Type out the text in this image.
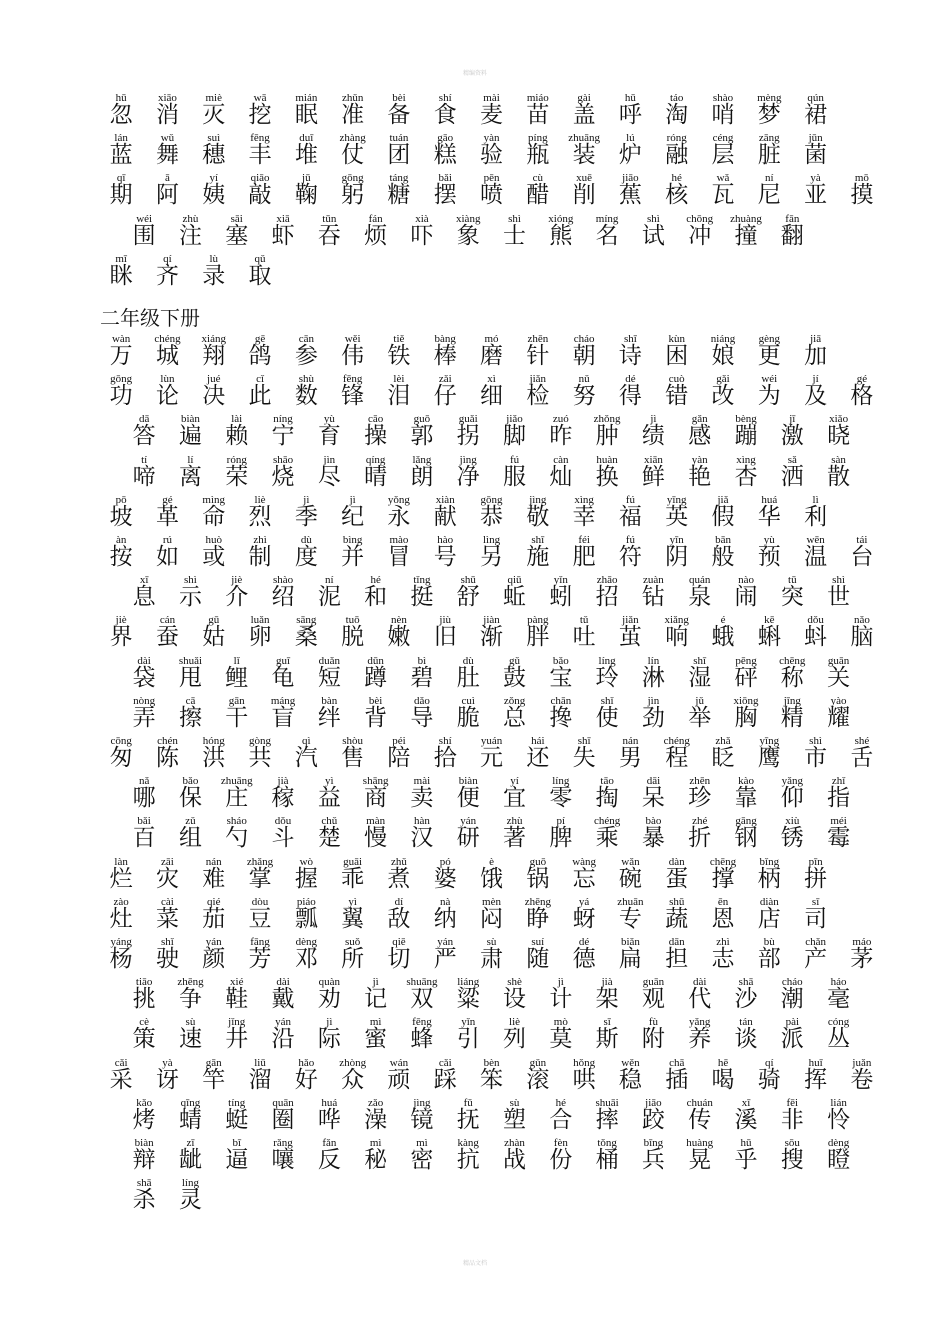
精编资料
hū
忽
xiāo
消
miè
灭
wā
挖
mián
眠
zhǔn
准
bèi
备
shí
食
mài
麦
miáo
苗
gài
盖
hū
呼
táo
淘
shào
哨
mèng
梦
qún
裙
lán
蓝
wǔ
舞
suì
穗
fēng
丰
duī
堆
zhàng
仗
tuán
团
gāo
糕
yàn
验
píng
瓶
zhuāng
装
lú
炉
róng
融
céng
层
zāng
脏
jūn
菌
qī
期
ā
阿
yí
姨
qiāo
敲
jū
鞠
gōng
躬
táng
糖
bǎi
摆
pēn
喷
cù
醋
xuē
削
jiāo
蕉
hé
核
wǎ
瓦
ní
尼
yà
亚
mō
摸
wéi
围
zhù
注
sāi
塞
xiā
虾
tūn
吞
fán
烦
xià
吓
xiàng
象
shì
士
xióng
熊
míng
名
shì
试
chōng
冲
zhuàng
撞
fān
翻
mī
眯
qí
齐
lù
录
qǔ
取
二年级下册
wàn
万
chéng
城
xiáng
翔
gē
鸽
cān
参
wěi
伟
tiě
铁
bàng
棒
mó
磨
zhēn
针
cháo
朝
shī
诗
kùn
困
niáng
娘
gèng
更
jiā
加
gōng
功
lùn
论
jué
决
cǐ
此
shù
数
fēng
锋
lèi
泪
zǎi
仔
xì
细
jiǎn
检
nǔ
努
dé
得
cuò
错
gǎi
改
wéi
为
jí
及
gé
格
dā
答
biàn
遍
lài
赖
níng
宁
yù
育
cāo
操
guō
郭
guǎi
拐
jiǎo
脚
zuó
昨
zhǒng
肿
jì
绩
gǎn
感
bèng
蹦
jī
激
xiǎo
晓
tí
啼
lí
离
róng
荣
shāo
烧
jìn
尽
qíng
晴
lǎng
朗
jìng
净
fú
服
càn
灿
huàn
换
xiān
鲜
yàn
艳
xìng
杏
sǎ
洒
sàn
散
pō
坡
gé
革
mìng
命
liè
烈
jì
季
jì
纪
yǒng
永
xiàn
献
gōng
恭
jìng
敬
xìng
幸
fú
福
yīng
英
jiǎ
假
huá
华
lì
利
àn
按
rú
如
huò
或
zhì
制
dù
度
bìng
并
mào
冒
hào
号
lìng
另
shī
施
féi
肥
fú
符
yīn
阴
bān
般
yù
预
wēn
温
tái
台
xī
息
shì
示
jiè
介
shào
绍
ní
泥
hé
和
tǐng
挺
shū
舒
qiū
蚯
yǐn
蚓
zhāo
招
zuàn
钻
quán
泉
nào
闹
tū
突
shì
世
jiè
界
cán
蚕
gū
姑
luǎn
卵
sāng
桑
tuō
脱
nèn
嫩
jiù
旧
jiàn
渐
pàng
胖
tǔ
吐
jiǎn
茧
xiǎng
响
é
蛾
kē
蝌
dǒu
蚪
nǎo
脑
dài
袋
shuǎi
甩
lǐ
鲤
guī
龟
duǎn
短
dūn
蹲
bì
碧
dù
肚
gǔ
鼓
bǎo
宝
líng
玲
lín
淋
shī
湿
pēng
砰
chēng
称
guān
关
nòng
弄
cā
擦
gān
干
máng
盲
bàn
绊
bèi
背
dǎo
导
cuì
脆
zǒng
总
chān
搀
shǐ
使
jìn
劲
jǔ
举
xiōng
胸
jīng
精
yào
耀
cōng
匆
chén
陈
hóng
洪
gòng
共
qì
汽
shòu
售
péi
陪
shí
拾
yuán
元
hái
还
shī
失
nán
男
chéng
程
zhǎ
眨
yīng
鹰
shì
市
shé
舌
nǎ
哪
bǎo
保
zhuāng
庄
jià
稼
yì
益
shāng
商
mài
卖
biàn
便
yí
宜
líng
零
tāo
掏
dāi
呆
zhēn
珍
kào
靠
yǎng
仰
zhǐ
指
bǎi
百
zǔ
组
sháo
勺
dǒu
斗
chǔ
楚
màn
慢
hàn
汉
yán
研
zhù
著
pí
脾
chéng
乘
bào
暴
zhé
折
gāng
钢
xiù
锈
méi
霉
làn
烂
zāi
灾
nán
难
zhǎng
掌
wò
握
guāi
乖
zhǔ
煮
pó
婆
è
饿
guō
锅
wàng
忘
wǎn
碗
dàn
蛋
chēng
撑
bǐng
柄
pīn
拼
zào
灶
cài
菜
qié
茄
dòu
豆
piáo
瓢
yì
翼
dí
敌
nà
纳
mèn
闷
zhēng
睁
yá
蚜
zhuān
专
shū
蔬
ēn
恩
diàn
店
sī
司
yáng
杨
shǐ
驶
yán
颜
fāng
芳
dèng
邓
suǒ
所
qiē
切
yán
严
sù
肃
suí
随
dé
德
biǎn
扁
dān
担
zhì
志
bù
部
chǎn
产
máo
茅
tiāo
挑
zhēng
争
xié
鞋
dài
戴
quàn
劝
jì
记
shuāng
双
liáng
粱
shè
设
jì
计
jià
架
guān
观
dài
代
shā
沙
cháo
潮
háo
毫
cè
策
sù
速
jǐng
井
yán
沿
jì
际
mì
蜜
fēng
蜂
yǐn
引
liè
列
mò
莫
sī
斯
fù
附
yǎng
养
tán
谈
pài
派
cóng
丛
cǎi
采
yà
讶
gān
竿
liū
溜
hǎo
好
zhòng
众
wán
顽
cǎi
踩
bèn
笨
gǔn
滚
hǒng
哄
wěn
稳
chā
插
hē
喝
qí
骑
huī
挥
juǎn
卷
kǎo
烤
qīng
蜻
tíng
蜓
quān
圈
huá
哗
zǎo
澡
jìng
镜
fǔ
抚
sù
塑
hé
合
shuāi
摔
jiāo
跤
chuán
传
xī
溪
fēi
非
lián
怜
biàn
辩
zī
龇
bī
逼
rǎng
嚷
fǎn
反
mì
秘
mì
密
kàng
抗
zhàn
战
fèn
份
tǒng
桶
bīng
兵
huàng
晃
hū
乎
sōu
搜
dèng
瞪
shā
杀
líng
灵
精品文档
